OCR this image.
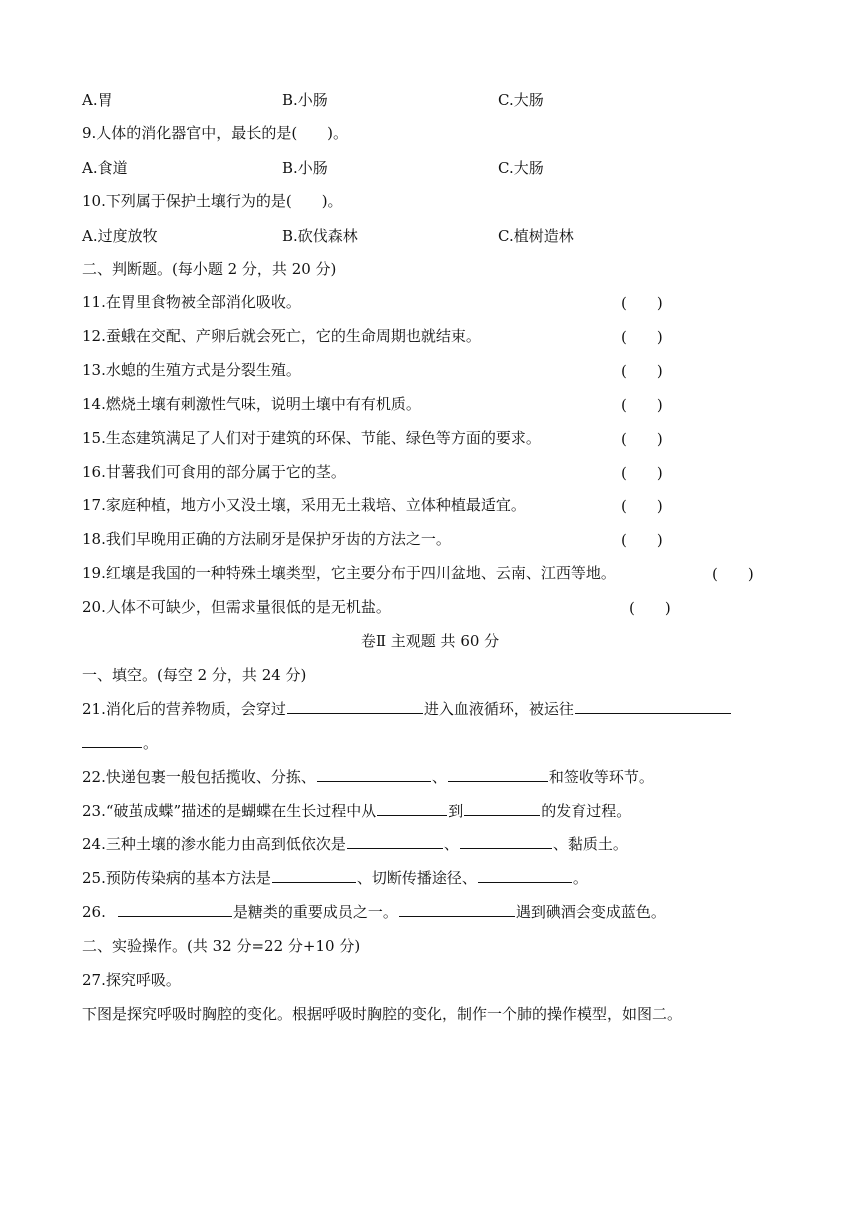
A.胃	B.小肠	C.大肠
9.人体的消化器官中，最长的是(　　)。
A.食道	B.小肠	C.大肠
10.下列属于保护土壤行为的是(　　)。
A.过度放牧	B.砍伐森林	C.植树造林
二、判断题。(每小题 2 分，共 20 分)
11.在胃里食物被全部消化吸收。	(　　)
12.蚕蛾在交配、产卵后就会死亡，它的生命周期也就结束。	(　　)
13.水螅的生殖方式是分裂生殖。	(　　)
14.燃烧土壤有刺激性气味，说明土壤中有有机质。	(　　)
15.生态建筑满足了人们对于建筑的环保、节能、绿色等方面的要求。	(　　)
16.甘薯我们可食用的部分属于它的茎。	(　　)
17.家庭种植，地方小又没土壤，采用无土栽培、立体种植最适宜。	(　　)
18.我们早晚用正确的方法刷牙是保护牙齿的方法之一。	(　　)
19.红壤是我国的一种特殊土壤类型，它主要分布于四川盆地、云南、江西等地。	(　　)
20.人体不可缺少，但需求量很低的是无机盐。	(　　)
卷Ⅱ 主观题 共 60 分
一、填空。(每空 2 分，共 24 分)
21.消化后的营养物质，会穿过	进入血液循环，被运往
。
22.快递包裹一般包括揽收、分拣、	、	和签收等环节。
23.“破茧成蝶”描述的是蝴蝶在生长过程中从	到	的发育过程。
24.三种土壤的渗水能力由高到低依次是	、	、黏质土。
25.预防传染病的基本方法是	、切断传播途径、	。
26.	是糖类的重要成员之一。	遇到碘酒会变成蓝色。
二、实验操作。(共 32 分=22 分+10 分)
27.探究呼吸。
下图是探究呼吸时胸腔的变化。根据呼吸时胸腔的变化，制作一个肺的操作模型，如图二。
